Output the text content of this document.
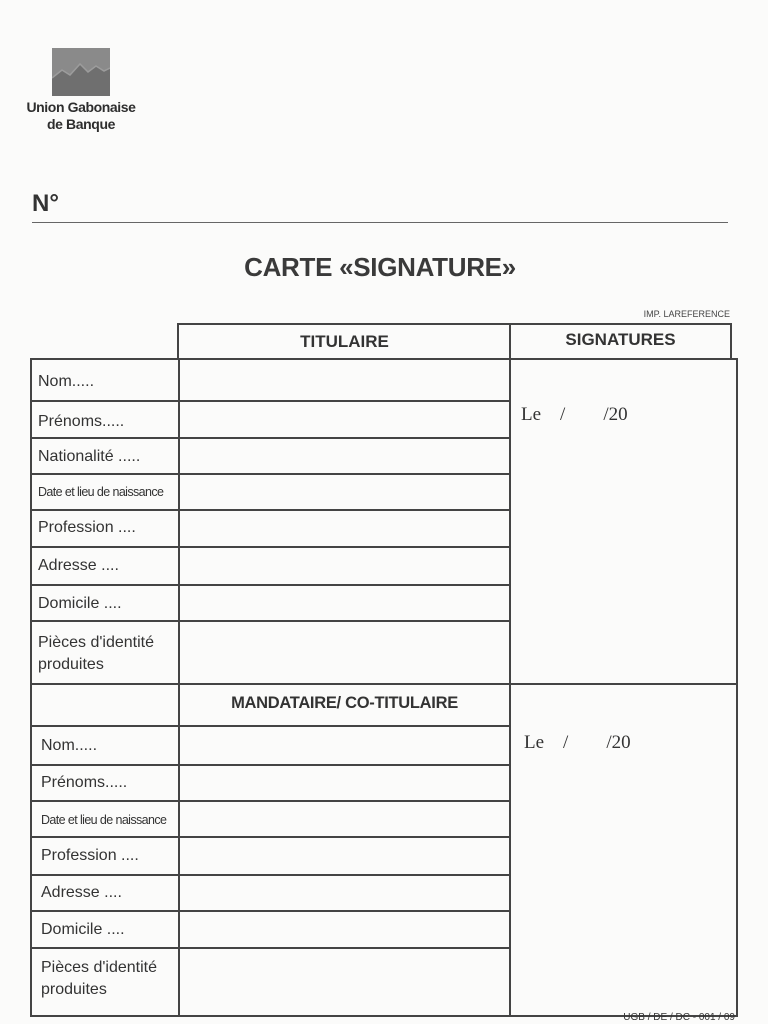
Union Gabonaise
de Banque
N°
CARTE «SIGNATURE»
IMP. LAREFERENCE
TITULAIRE	SIGNATURES
MANDATAIRE/ CO-TITULAIRE
Nom.....
Prénoms.....
Nationalité .....
Date et lieu de naissance
Profession ....
Adresse ....
Domicile ....
Pièces d'identité produites
Nom.....
Prénoms.....
Date et lieu de naissance
Profession ....
Adresse ....
Domicile ....
Pièces d'identité produites
Le    /        /20
Le    /        /20
UGB / DE / DC - 001 / 09
